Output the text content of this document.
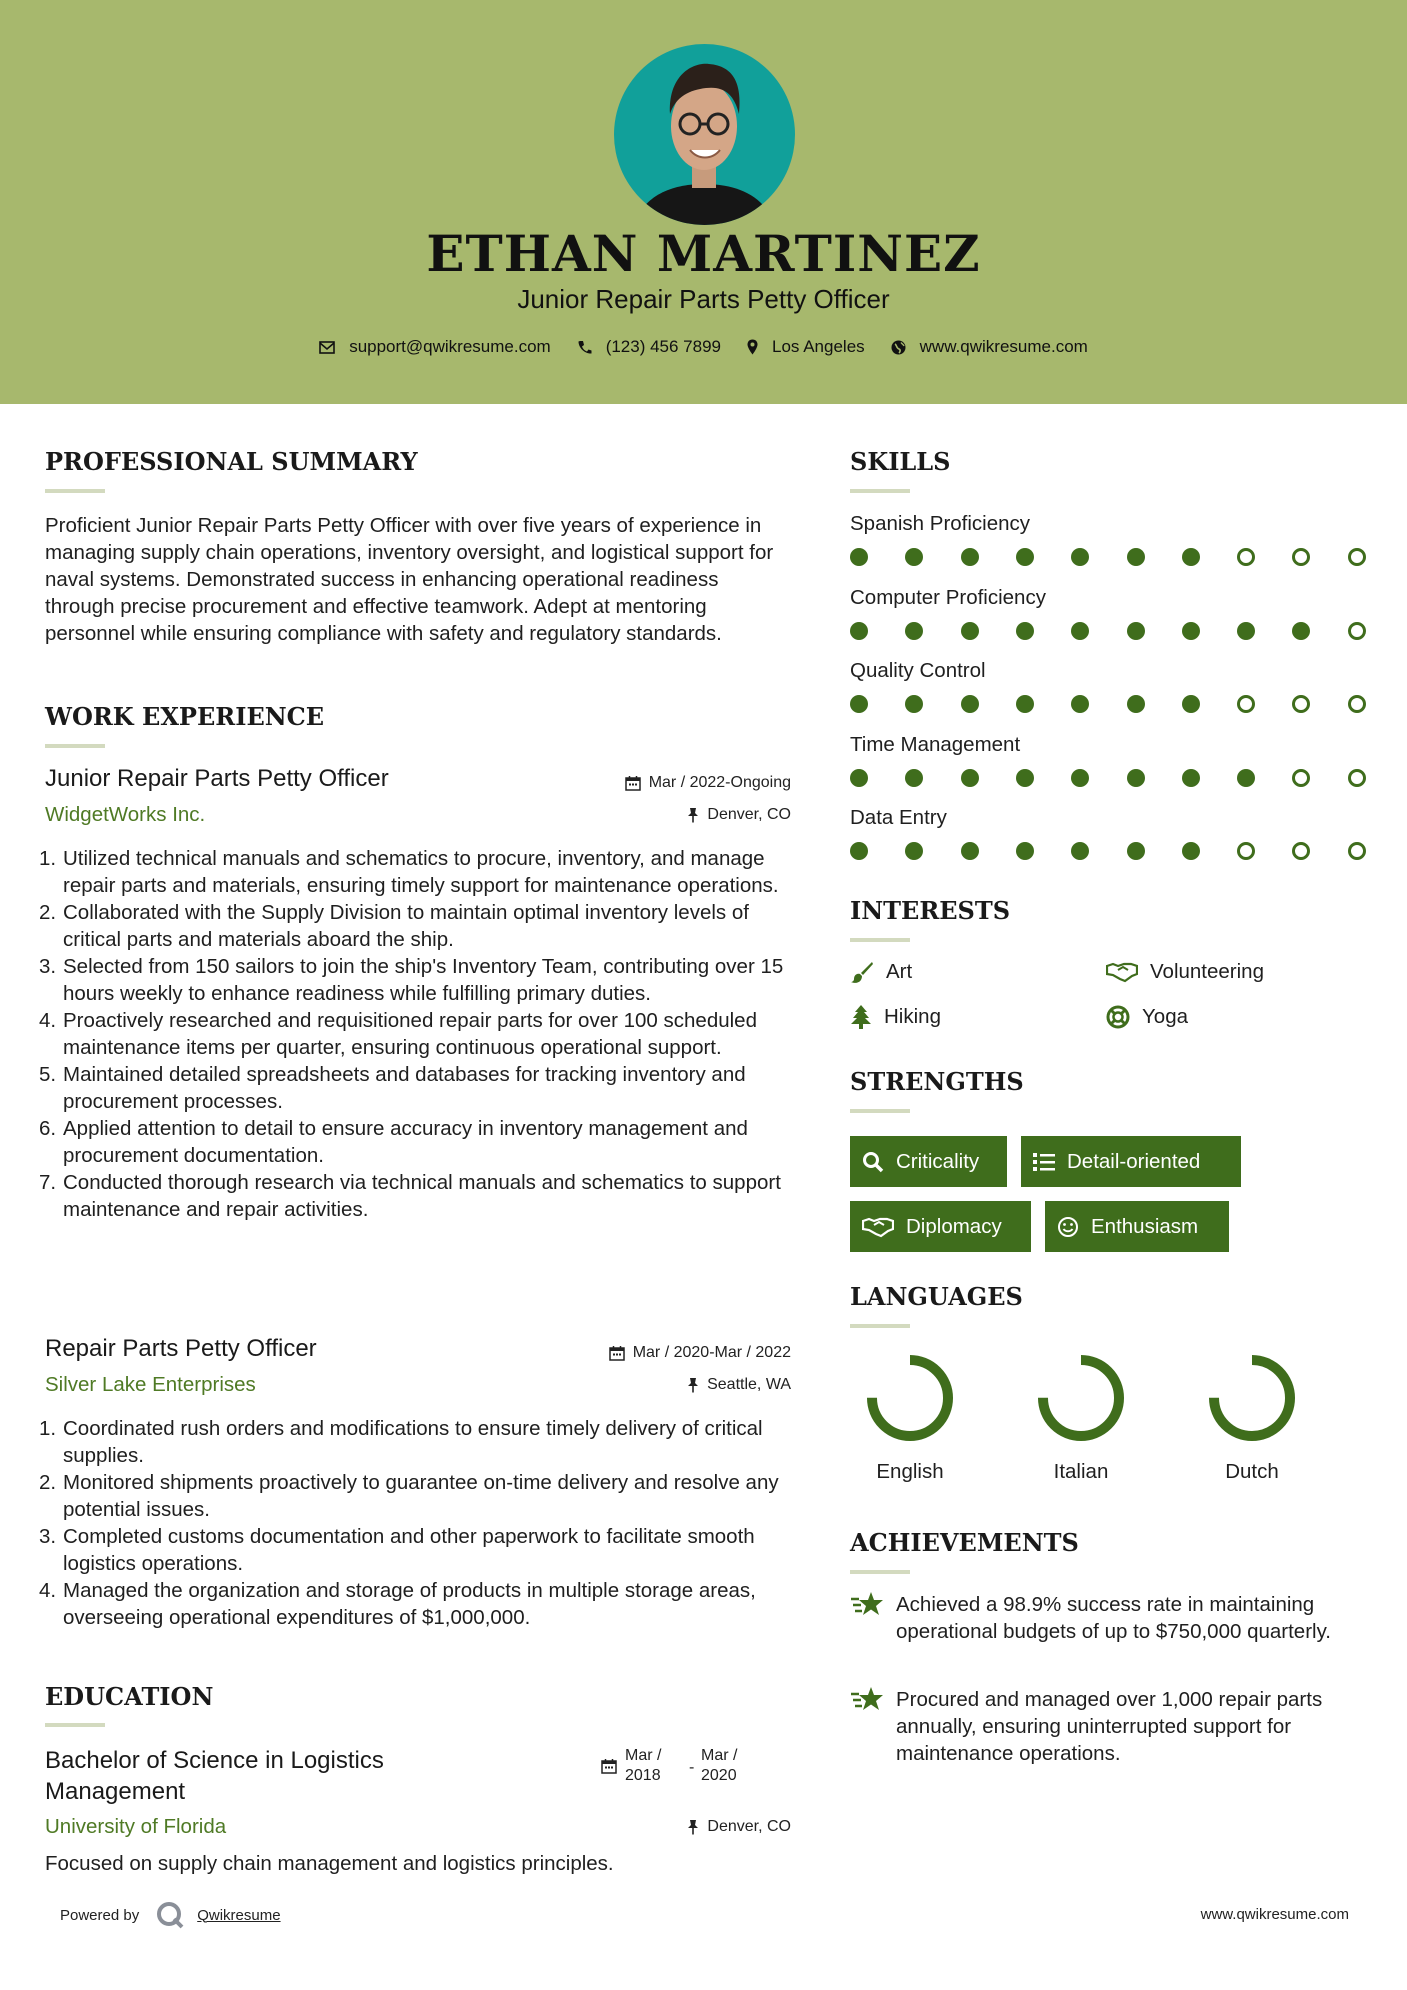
ETHAN MARTINEZ
Junior Repair Parts Petty Officer
support@qwikresume.com	(123) 456 7899	Los Angeles	www.qwikresume.com
PROFESSIONAL SUMMARY
Proficient Junior Repair Parts Petty Officer with over five years of experience in managing supply chain operations, inventory oversight, and logistical support for naval systems. Demonstrated success in enhancing operational readiness through precise procurement and effective teamwork. Adept at mentoring personnel while ensuring compliance with safety and regulatory standards.
WORK EXPERIENCE
Junior Repair Parts Petty Officer	Mar / 2022-Ongoing
WidgetWorks Inc.	Denver, CO
1. Utilized technical manuals and schematics to procure, inventory, and manage repair parts and materials, ensuring timely support for maintenance operations.
2. Collaborated with the Supply Division to maintain optimal inventory levels of critical parts and materials aboard the ship.
3. Selected from 150 sailors to join the ship's Inventory Team, contributing over 15 hours weekly to enhance readiness while fulfilling primary duties.
4. Proactively researched and requisitioned repair parts for over 100 scheduled maintenance items per quarter, ensuring continuous operational support.
5. Maintained detailed spreadsheets and databases for tracking inventory and procurement processes.
6. Applied attention to detail to ensure accuracy in inventory management and procurement documentation.
7. Conducted thorough research via technical manuals and schematics to support maintenance and repair activities.
Repair Parts Petty Officer	Mar / 2020-Mar / 2022
Silver Lake Enterprises	Seattle, WA
1. Coordinated rush orders and modifications to ensure timely delivery of critical supplies.
2. Monitored shipments proactively to guarantee on-time delivery and resolve any potential issues.
3. Completed customs documentation and other paperwork to facilitate smooth logistics operations.
4. Managed the organization and storage of products in multiple storage areas, overseeing operational expenditures of $1,000,000.
EDUCATION
Bachelor of Science in Logistics Management
Mar / 2018	-
Mar / 2020
University of Florida	Denver, CO
Focused on supply chain management and logistics principles.
SKILLS
Spanish Proficiency
Computer Proficiency
Quality Control
Time Management
Data Entry
INTERESTS
Art	Volunteering
Hiking	Yoga
STRENGTHS
Criticality	Detail-oriented
Diplomacy	Enthusiasm
LANGUAGES
English	Italian	Dutch
ACHIEVEMENTS
Achieved a 98.9% success rate in maintaining operational budgets of up to $750,000 quarterly.
Procured and managed over 1,000 repair parts annually, ensuring uninterrupted support for maintenance operations.
Powered by	Qwikresume	www.qwikresume.com
